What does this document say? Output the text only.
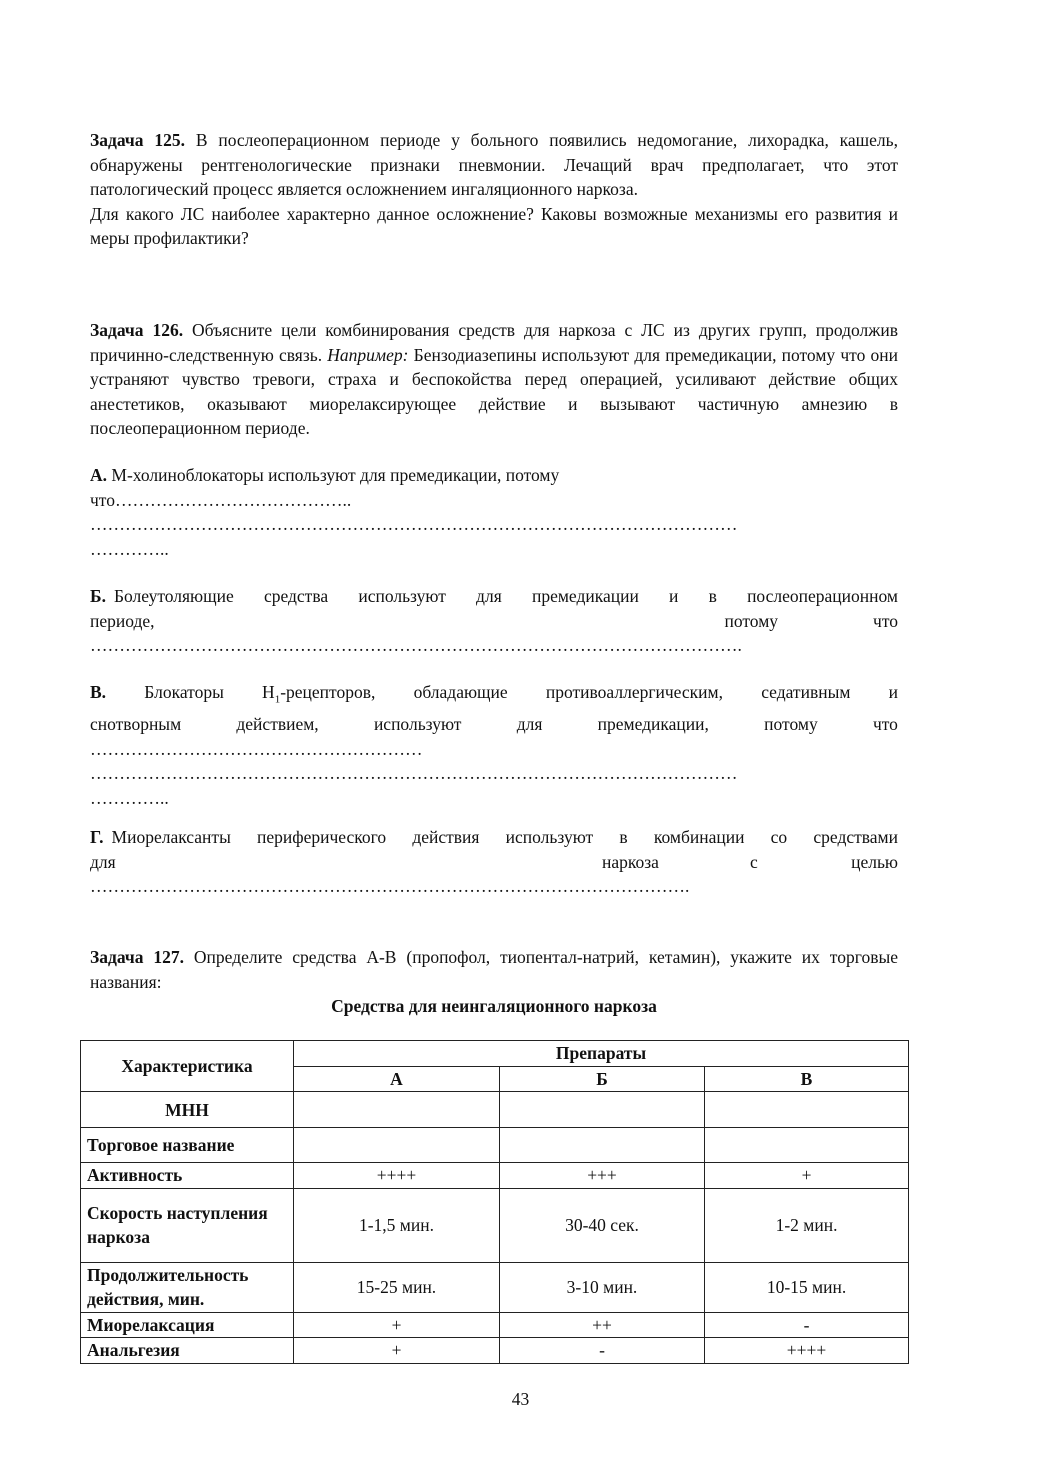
Задача 125. В послеоперационном периоде у больного появились недомогание, лихорадка, кашель, обнаружены рентгенологические признаки пневмонии. Лечащий врач предполагает, что этот патологический процесс является осложнением ингаляционного наркоза.
Для какого ЛС наиболее характерно данное осложнение? Каковы возможные механизмы его развития и меры профилактики?
Задача 126. Объясните цели комбинирования средств для наркоза с ЛС из других групп, продолжив причинно-следственную связь. Например: Бензодиазепины используют для премедикации, потому что они устраняют чувство тревоги, страха и беспокойства перед операцией, усиливают действие общих анестетиков, оказывают миорелаксирующее действие и вызывают частичную амнезию в послеоперационном периоде.
А. М-холиноблокаторы используют для премедикации, потому
что…………………………………..
…………………………………………………………………………………………………
…………..
Б. Болеутоляющие средства используют для премедикации и в послеоперационном
периоде,	потому	что
………………………………………………………………………………………………….
В. Блокаторы $H_1$-рецепторов, обладающие противоаллергическим, седативным и
снотворным	действием,	используют	для	премедикации,	потому	что
…………………………………………………
…………………………………………………………………………………………………
…………..
Г. Миорелаксанты периферического действия используют в комбинации со средствами
для	наркоза	с	целью
………………………………………………………………………………………….
Задача 127. Определите средства А-В (пропофол, тиопентал-натрий, кетамин), укажите их торговые названия:
Средства для неингаляционного наркоза
Характеристика	Препараты		
	А	Б	В
МНН			
Торговое название			
Активность	++++	+++	+
Скорость наступления наркоза	1-1,5 мин.	30-40 сек.	1-2 мин.
Продолжительность действия, мин.	15-25 мин.	3-10 мин.	10-15 мин.
Миорелаксация	+	++	-
Анальгезия	+	-	++++
43
